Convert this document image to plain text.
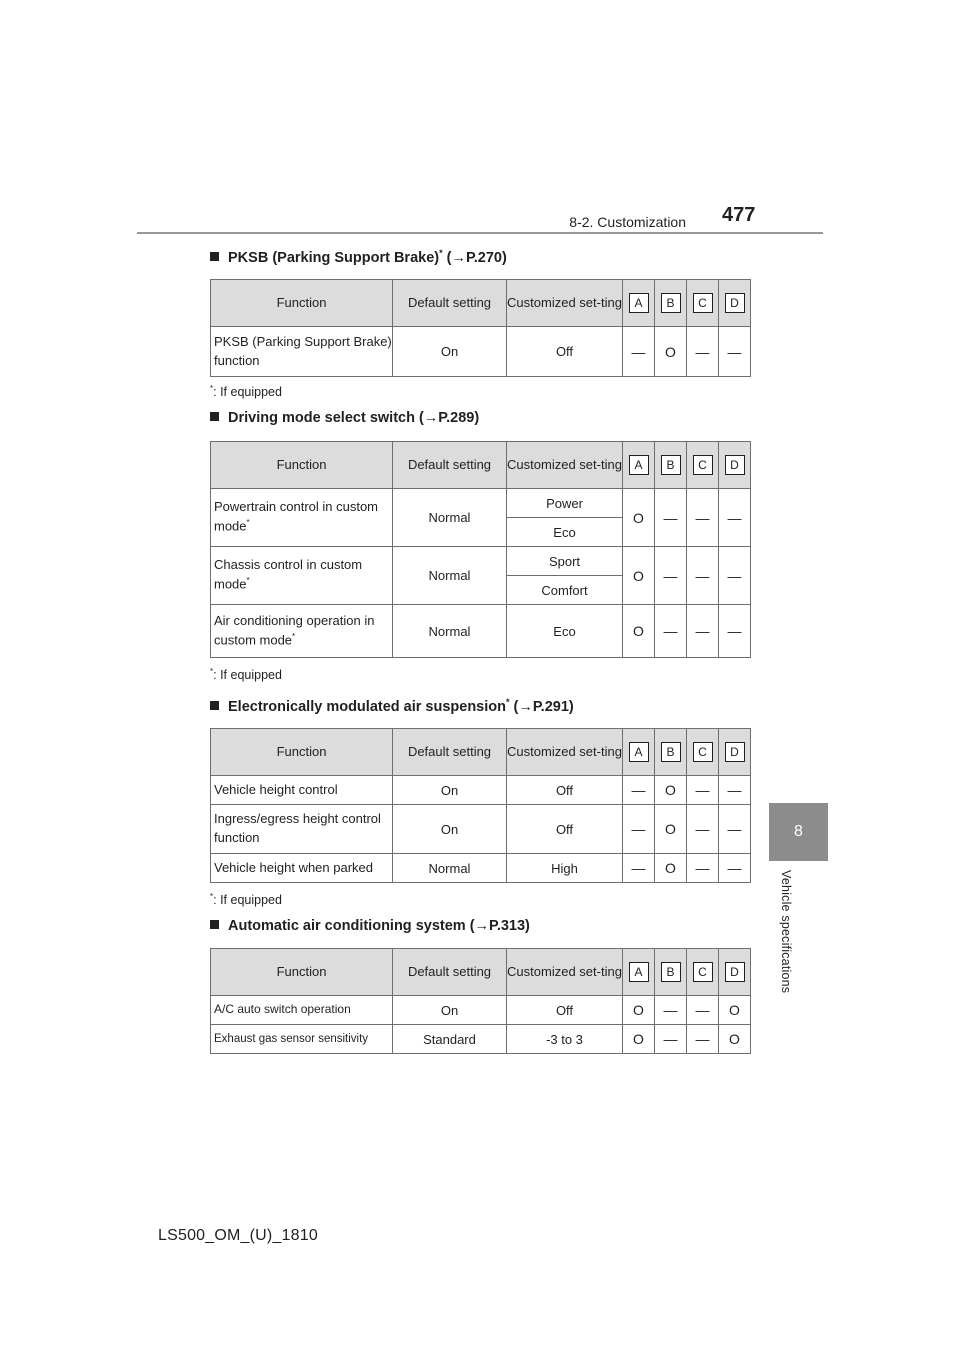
8-2. Customization 477
8
Vehicle specifications
PKSB (Parking Support Brake)* (→P.270)
Function	Default setting	Customized set-ting	A	B	C	D
PKSB (Parking Support Brake) function	On	Off	—	O	—	—
*: If equipped
Driving mode select switch (→P.289)
Function	Default setting	Customized set-ting	A	B	C	D
Powertrain control in custom mode*	Normal	Power	O	—	—	—
		Eco				
Chassis control in custom mode*	Normal	Sport	O	—	—	—
		Comfort				
Air conditioning operation in custom mode*	Normal	Eco	O	—	—	—
*: If equipped
Electronically modulated air suspension* (→P.291)
Function	Default setting	Customized set-ting	A	B	C	D
Vehicle height control	On	Off	—	O	—	—
Ingress/egress height control function	On	Off	—	O	—	—
Vehicle height when parked	Normal	High	—	O	—	—
*: If equipped
Automatic air conditioning system (→P.313)
Function	Default setting	Customized set-ting	A	B	C	D
A/C auto switch operation	On	Off	O	—	—	O
Exhaust gas sensor sensitivity	Standard	-3 to 3	O	—	—	O
LS500_OM_(U)_1810
